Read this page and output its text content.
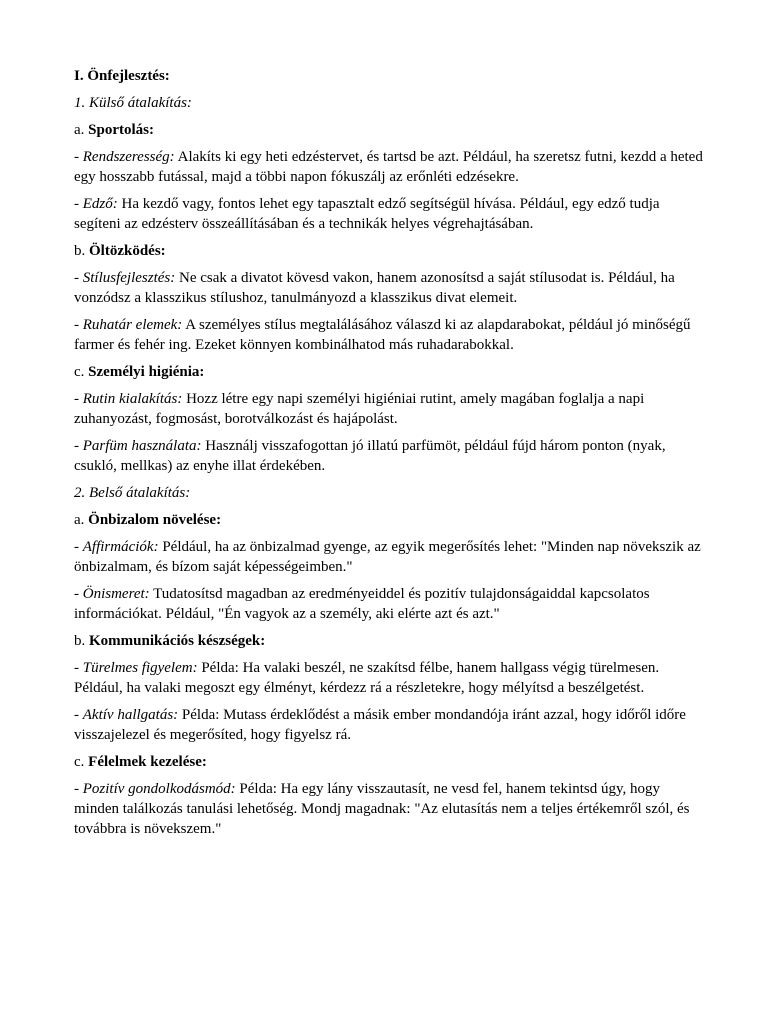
I. Önfejlesztés:

1. Külső átalakítás:

a. Sportolás:

- Rendszeresség: Alakíts ki egy heti edzéstervet, és tartsd be azt. Például, ha szeretsz futni, kezdd a heted egy hosszabb futással, majd a többi napon fókuszálj az erőnléti edzésekre.

- Edző: Ha kezdő vagy, fontos lehet egy tapasztalt edző segítségül hívása. Például, egy edző tudja segíteni az edzésterv összeállításában és a technikák helyes végrehajtásában.

b. Öltözködés:

- Stílusfejlesztés: Ne csak a divatot kövesd vakon, hanem azonosítsd a saját stílusodat is. Például, ha vonzódsz a klasszikus stílushoz, tanulmányozd a klasszikus divat elemeit.

- Ruhatár elemek: A személyes stílus megtalálásához válaszd ki az alapdarabokat, például jó minőségű farmer és fehér ing. Ezeket könnyen kombinálhatod más ruhadarabokkal.

c. Személyi higiénia:

- Rutin kialakítás: Hozz létre egy napi személyi higiéniai rutint, amely magában foglalja a napi zuhanyozást, fogmosást, borotválkozást és hajápolást.

- Parfüm használata: Használj visszafogottan jó illatú parfümöt, például fújd három ponton (nyak, csukló, mellkas) az enyhe illat érdekében.

2. Belső átalakítás:

a. Önbizalom növelése:

- Affirmációk: Például, ha az önbizalmad gyenge, az egyik megerősítés lehet: "Minden nap növekszik az önbizalmam, és bízom saját képességeimben."

- Önismeret: Tudatosítsd magadban az eredményeiddel és pozitív tulajdonságaiddal kapcsolatos információkat. Például, "Én vagyok az a személy, aki elérte azt és azt."

b. Kommunikációs készségek:

- Türelmes figyelem: Példa: Ha valaki beszél, ne szakítsd félbe, hanem hallgass végig türelmesen. Például, ha valaki megoszt egy élményt, kérdezz rá a részletekre, hogy mélyítsd a beszélgetést.

- Aktív hallgatás: Példa: Mutass érdeklődést a másik ember mondandója iránt azzal, hogy időről időre visszajelezel és megerősíted, hogy figyelsz rá.

c. Félelmek kezelése:

- Pozitív gondolkodásmód: Példa: Ha egy lány visszautasít, ne vesd fel, hanem tekintsd úgy, hogy minden találkozás tanulási lehetőség. Mondj magadnak: "Az elutasítás nem a teljes értékemről szól, és továbbra is növekszem."
